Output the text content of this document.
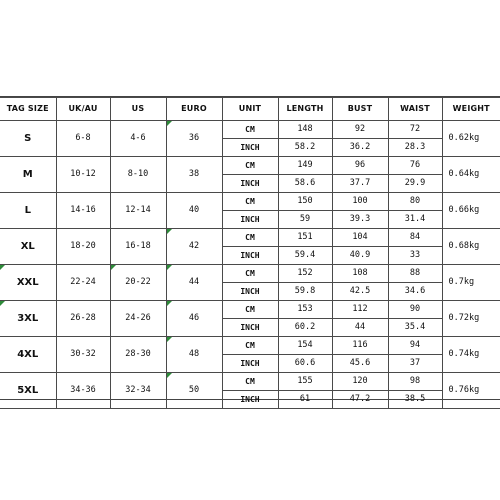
TAG SIZE	UK/AU	US	EURO	UNIT	LENGTH	BUST	WAIST	WEIGHT
S	6-8	4-6	36	CM	148	92	72	0.62kg
				INCH	58.2	36.2	28.3	
M	10-12	8-10	38	CM	149	96	76	0.64kg
				INCH	58.6	37.7	29.9	
L	14-16	12-14	40	CM	150	100	80	0.66kg
				INCH	59	39.3	31.4	
XL	18-20	16-18	42	CM	151	104	84	0.68kg
				INCH	59.4	40.9	33	
XXL	22-24	20-22	44	CM	152	108	88	0.7kg
				INCH	59.8	42.5	34.6	
3XL	26-28	24-26	46	CM	153	112	90	0.72kg
				INCH	60.2	44	35.4	
4XL	30-32	28-30	48	CM	154	116	94	0.74kg
				INCH	60.6	45.6	37	
5XL	34-36	32-34	50	CM	155	120	98	0.76kg
				INCH	61	47.2	38.5	
